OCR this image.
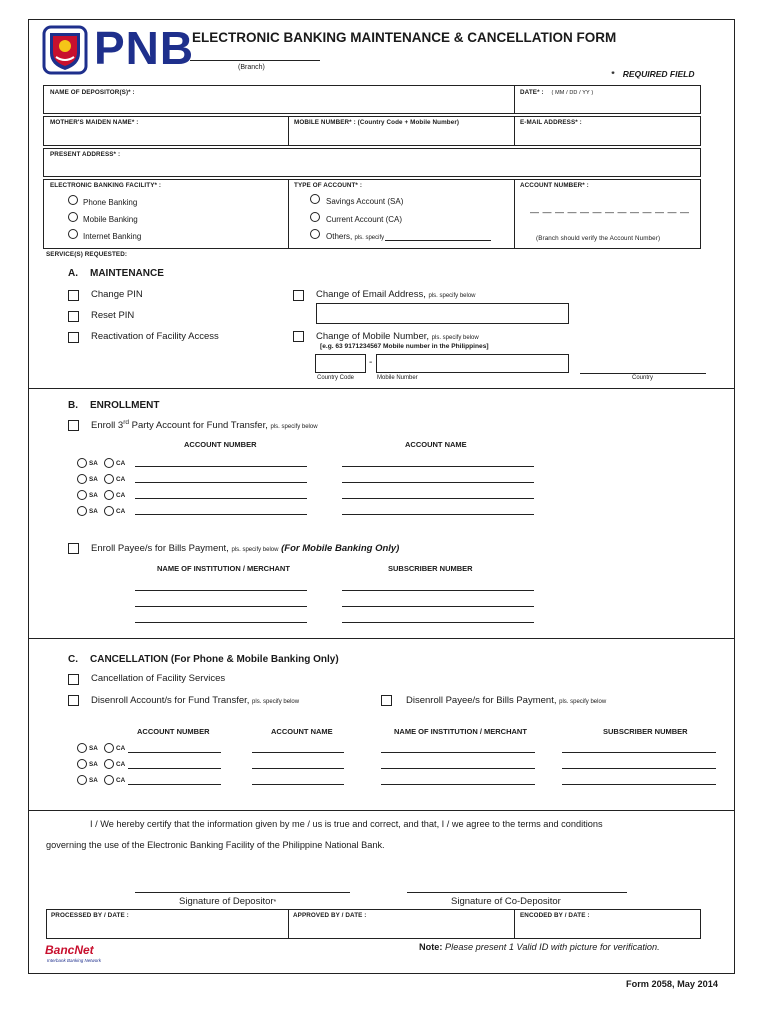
PNB
ELECTRONIC BANKING MAINTENANCE & CANCELLATION FORM
(Branch)
* REQUIRED FIELD
NAME OF DEPOSITOR(S)* :	DATE* : ( MM / DD / YY )
MOTHER'S MAIDEN NAME* :	MOBILE NUMBER* : (Country Code + Mobile Number)	E-MAIL ADDRESS* :
PRESENT ADDRESS* :
ELECTRONIC BANKING FACILITY* :
Phone Banking
Mobile Banking
Internet Banking
TYPE OF ACCOUNT* :
Savings Account (SA)
Current Account (CA)
Others, pls. specify
ACCOUNT NUMBER* :
— — — — — — — — — — — — —
(Branch should verify the Account Number)
SERVICE(S) REQUESTED:
A. MAINTENANCE
Change PIN
Reset PIN
Reactivation of Facility Access
Change of Email Address, pls. specify below
Change of Mobile Number, pls. specify below
[e.g. 63 9171234567 Mobile number in the Philippines]
-
Country Code	Mobile Number	Country
B. ENROLLMENT
Enroll 3rd Party Account for Fund Transfer, pls. specify below
ACCOUNT NUMBER	ACCOUNT NAME
SA	CA
SA	CA
SA	CA
SA	CA
Enroll Payee/s for Bills Payment, pls. specify below (For Mobile Banking Only)
NAME OF INSTITUTION / MERCHANT	SUBSCRIBER NUMBER
C. CANCELLATION (For Phone & Mobile Banking Only)
Cancellation of Facility Services
Disenroll Account/s for Fund Transfer, pls. specify below	Disenroll Payee/s for Bills Payment, pls. specify below
ACCOUNT NUMBER	ACCOUNT NAME	NAME OF INSTITUTION / MERCHANT	SUBSCRIBER NUMBER
SA	CA
SA	CA
SA	CA
I / We hereby certify that the information given by me / us is true and correct, and that, I / we agree to the terms and conditions
governing the use of the Electronic Banking Facility of the Philippine National Bank.
Signature of Depositor*	Signature of Co-Depositor
PROCESSED BY / DATE :	APPROVED BY / DATE :	ENCODED BY / DATE :
BancNet
Interbank Banking Network
Note: Please present 1 Valid ID with picture for verification.
Form 2058, May 2014
